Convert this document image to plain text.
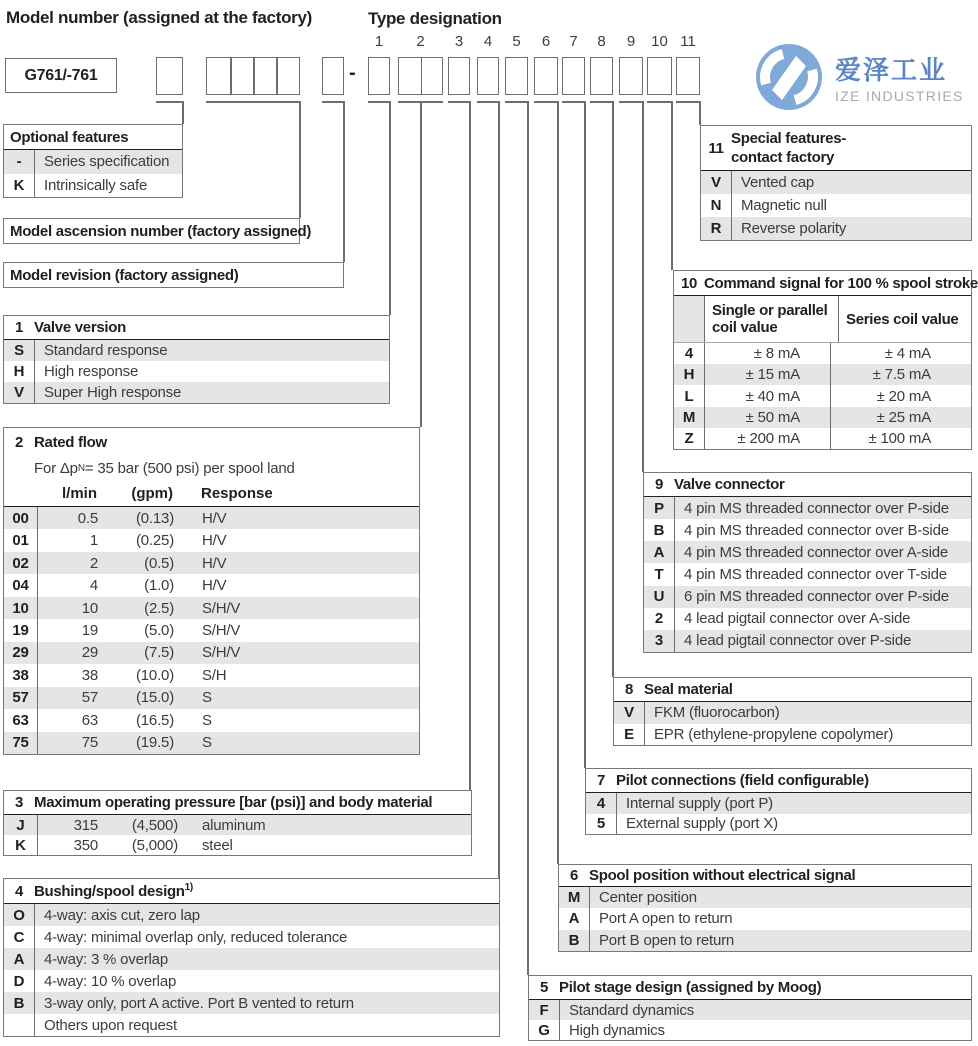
Model number (assigned at the factory)	Type designation
G761/-761	-	爱泽工业
IZE INDUSTRIES
Model ascension number (factory assigned)
Model revision (factory assigned)
1	2	3	4	5	6	7	8	9	10 11
Optional features
-	Series specification
K	Intrinsically safe
1 Valve version
S	Standard response
H	High response
V	Super High response
2 Rated flow
For Δp N = 35 bar (500 psi) per spool land
l/min	(gpm)	Response
00	0.5	(0.13)	H/V
01	1	(0.25)	H/V
02	2	(0.5)	H/V
04	4	(1.0)	H/V
10	10	(2.5)	S/H/V
19	19	(5.0)	S/H/V
29	29	(7.5)	S/H/V
38	38	(10.0)	S/H
57	57	(15.0)	S
63	63	(16.5)	S
75	75	(19.5)	S
3 Maximum operating pressure [bar (psi)] and body material
J	315	(4,500)	aluminum
K	350	(5,000)	steel
4 Bushing/spool design$^{1)}$
O	4-way: axis cut, zero lap
C	4-way: minimal overlap only, reduced tolerance
A	4-way: 3 % overlap
D	4-way: 10 % overlap
B	3-way only, port A active. Port B vented to return
Others upon request
5 Pilot stage design (assigned by Moog)
F	Standard dynamics
G	High dynamics
6 Spool position without electrical signal
M	Center position
A	Port A open to return
B	Port B open to return
7 Pilot connections (field configurable)
4	Internal supply (port P)
5	External supply (port X)
8 Seal material
V	FKM (fluorocarbon)
E	EPR (ethylene-propylene copolymer)
9 Valve connector
P	4 pin MS threaded connector over P-side
B	4 pin MS threaded connector over B-side
A	4 pin MS threaded connector over A-side
T	4 pin MS threaded connector over T-side
U	6 pin MS threaded connector over P-side
2	4 lead pigtail connector over A-side
3	4 lead pigtail connector over P-side
10 Command signal for 100 % spool stroke
Single or parallel coil value	Series coil value
4	± 8 mA	± 4 mA
H	± 15 mA	± 7.5 mA
L	± 40 mA	± 20 mA
M	± 50 mA	± 25 mA
Z	± 200 mA	± 100 mA
11
Special features-
contact factory
V	Vented cap
N	Magnetic null
R	Reverse polarity
